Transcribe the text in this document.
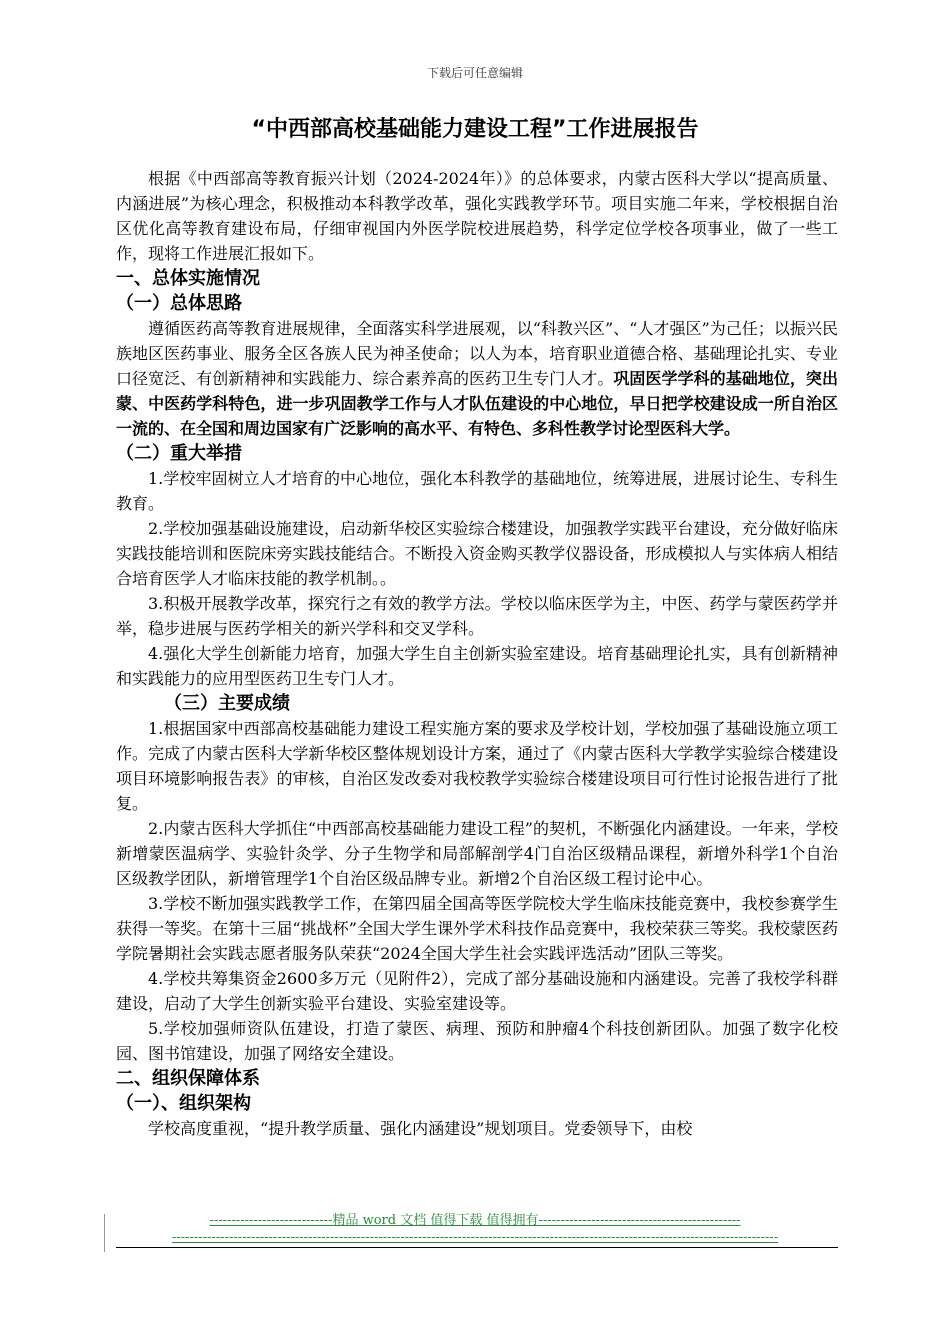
下载后可任意编辑
“中西部高校基础能力建设工程”工作进展报告

根据《中西部高等教育振兴计划（2024-2024年）》的总体要求，内蒙古医科大学以“提高质量、内涵进展”为核心理念，积极推动本科教学改革，强化实践教学环节。项目实施二年来，学校根据自治区优化高等教育建设布局，仔细审视国内外医学院校进展趋势，科学定位学校各项事业，做了一些工作，现将工作进展汇报如下。

一、总体实施情况
（一）总体思路

遵循医药高等教育进展规律，全面落实科学进展观，以“科教兴区”、“人才强区”为己任；以振兴民族地区医药事业、服务全区各族人民为神圣使命；以人为本，培育职业道德合格、基础理论扎实、专业口径宽泛、有创新精神和实践能力、综合素养高的医药卫生专门人才。巩固医学学科的基础地位，突出蒙、中医药学科特色，进一步巩固教学工作与人才队伍建设的中心地位，早日把学校建设成一所自治区一流的、在全国和周边国家有广泛影响的高水平、有特色、多科性教学讨论型医科大学。

（二）重大举措

1.学校牢固树立人才培育的中心地位，强化本科教学的基础地位，统筹进展，进展讨论生、专科生教育。

2.学校加强基础设施建设，启动新华校区实验综合楼建设，加强教学实践平台建设，充分做好临床实践技能培训和医院床旁实践技能结合。不断投入资金购买教学仪器设备，形成模拟人与实体病人相结合培育医学人才临床技能的教学机制。。

3.积极开展教学改革，探究行之有效的教学方法。学校以临床医学为主，中医、药学与蒙医药学并举，稳步进展与医药学相关的新兴学科和交叉学科。

4.强化大学生创新能力培育，加强大学生自主创新实验室建设。培育基础理论扎实，具有创新精神和实践能力的应用型医药卫生专门人才。

（三）主要成绩

1.根据国家中西部高校基础能力建设工程实施方案的要求及学校计划，学校加强了基础设施立项工作。完成了内蒙古医科大学新华校区整体规划设计方案，通过了《内蒙古医科大学教学实验综合楼建设项目环境影响报告表》的审核，自治区发改委对我校教学实验综合楼建设项目可行性讨论报告进行了批复。

2.内蒙古医科大学抓住“中西部高校基础能力建设工程”的契机，不断强化内涵建设。一年来，学校新增蒙医温病学、实验针灸学、分子生物学和局部解剖学4门自治区级精品课程，新增外科学1个自治区级教学团队，新增管理学1个自治区级品牌专业。新增2个自治区级工程讨论中心。

3.学校不断加强实践教学工作，在第四届全国高等医学院校大学生临床技能竞赛中，我校参赛学生获得一等奖。在第十三届“挑战杯”全国大学生课外学术科技作品竞赛中，我校荣获三等奖。我校蒙医药学院暑期社会实践志愿者服务队荣获“2024全国大学生社会实践评选活动”团队三等奖。

4.学校共筹集资金2600多万元（见附件2），完成了部分基础设施和内涵建设。完善了我校学科群建设，启动了大学生创新实验平台建设、实验室建设等。

5.学校加强师资队伍建设，打造了蒙医、病理、预防和肿瘤4个科技创新团队。加强了数字化校园、图书馆建设，加强了网络安全建设。

二、组织保障体系
（一）、组织架构

学校高度重视，“提升教学质量、强化内涵建设”规划项目。党委领导下，由校

----------------------------精品 word 文档 值得下载 值得拥有----------------------------------------------
------------------------------------------------------------------------------------------------------------------------------------------
